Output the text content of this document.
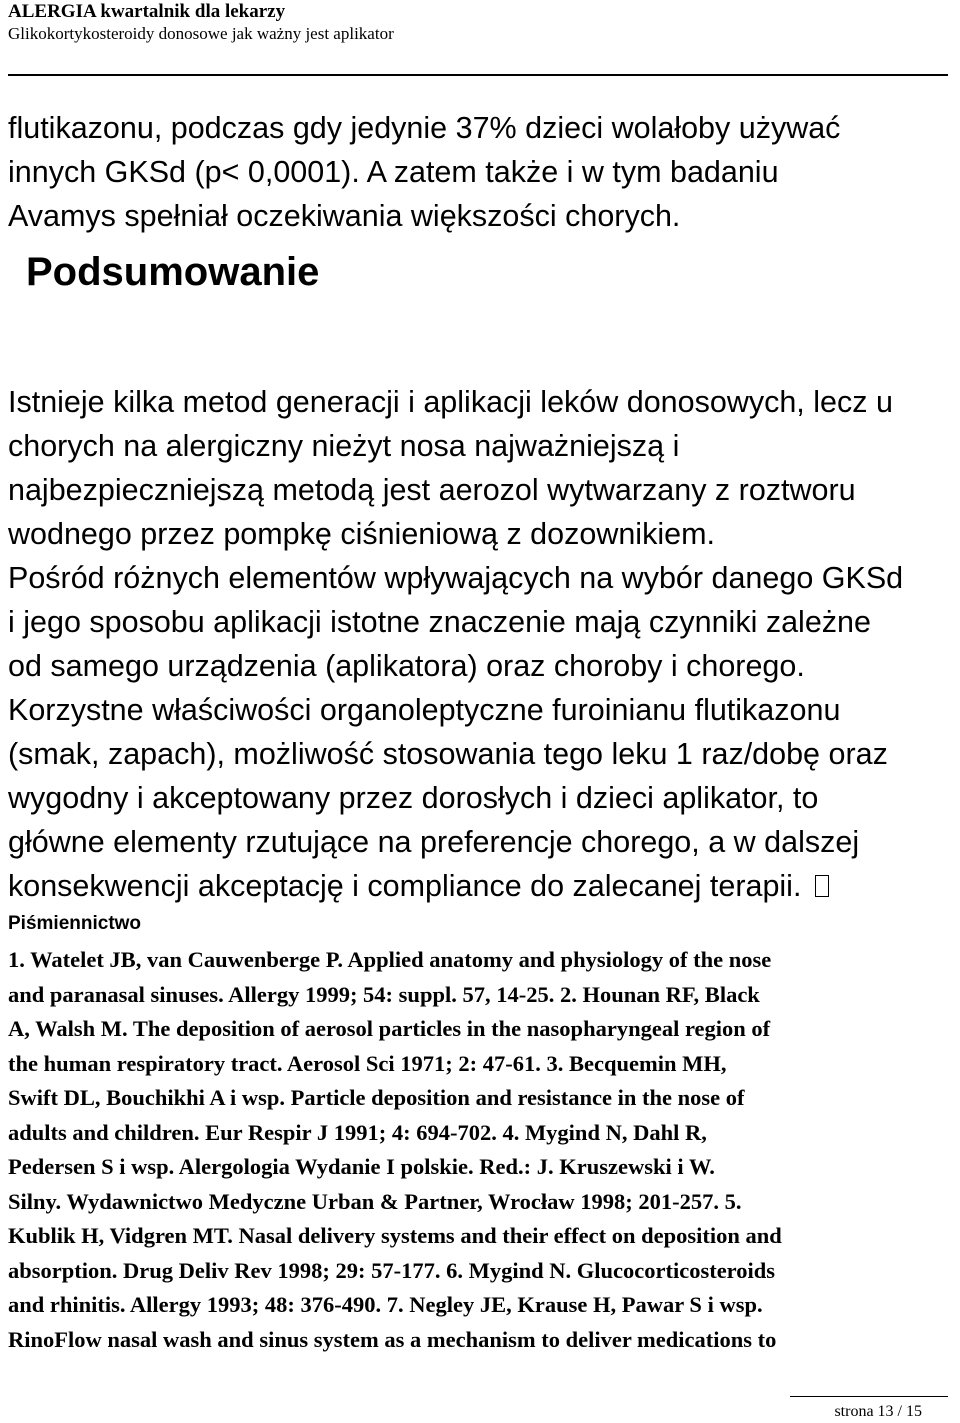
ALERGIA kwartalnik dla lekarzy
Glikokortykosteroidy donosowe jak ważny jest aplikator

flutikazonu, podczas gdy jedynie 37% dzieci wolałoby używać

innych GKSd (p< 0,0001). A zatem także i w tym badaniu

Avamys spełniał oczekiwania większości chorych.

Podsumowanie

Istnieje kilka metod generacji i aplikacji leków donosowych, lecz u

chorych na alergiczny nieżyt nosa najważniejszą i

najbezpieczniejszą metodą jest aerozol wytwarzany z roztworu

wodnego przez pompkę ciśnieniową z dozownikiem.

Pośród różnych elementów wpływających na wybór danego GKSd

i jego sposobu aplikacji istotne znaczenie mają czynniki zależne

od samego urządzenia (aplikatora) oraz choroby i chorego.

Korzystne właściwości organoleptyczne furoinianu flutikazonu

(smak, zapach), możliwość stosowania tego leku 1 raz/dobę oraz

wygodny i akceptowany przez dorosłych i dzieci aplikator, to

główne elementy rzutujące na preferencje chorego, a w dalszej

konsekwencji akceptację i compliance do zalecanej terapii.

Piśmiennictwo

1. Watelet JB, van Cauwenberge P. Applied anatomy and physiology of the nose

and paranasal sinuses. Allergy 1999; 54: suppl. 57, 14-25. 2. Hounan RF, Black

A, Walsh M. The deposition of aerosol particles in the nasopharyngeal region of

the human respiratory tract. Aerosol Sci 1971; 2: 47-61. 3. Becquemin MH,

Swift DL, Bouchikhi A i wsp. Particle deposition and resistance in the nose of

adults and children. Eur Respir J 1991; 4: 694-702. 4. Mygind N, Dahl R,

Pedersen S i wsp. Alergologia Wydanie I polskie. Red.: J. Kruszewski i W.

Silny. Wydawnictwo Medyczne Urban & Partner, Wrocław 1998; 201-257. 5.

Kublik H, Vidgren MT. Nasal delivery systems and their effect on deposition and

absorption. Drug Deliv Rev 1998; 29: 57-177. 6. Mygind N. Glucocorticosteroids

and rhinitis. Allergy 1993; 48: 376-490. 7. Negley JE, Krause H, Pawar S i wsp.

RinoFlow nasal wash and sinus system as a mechanism to deliver medications to

strona 13 / 15
